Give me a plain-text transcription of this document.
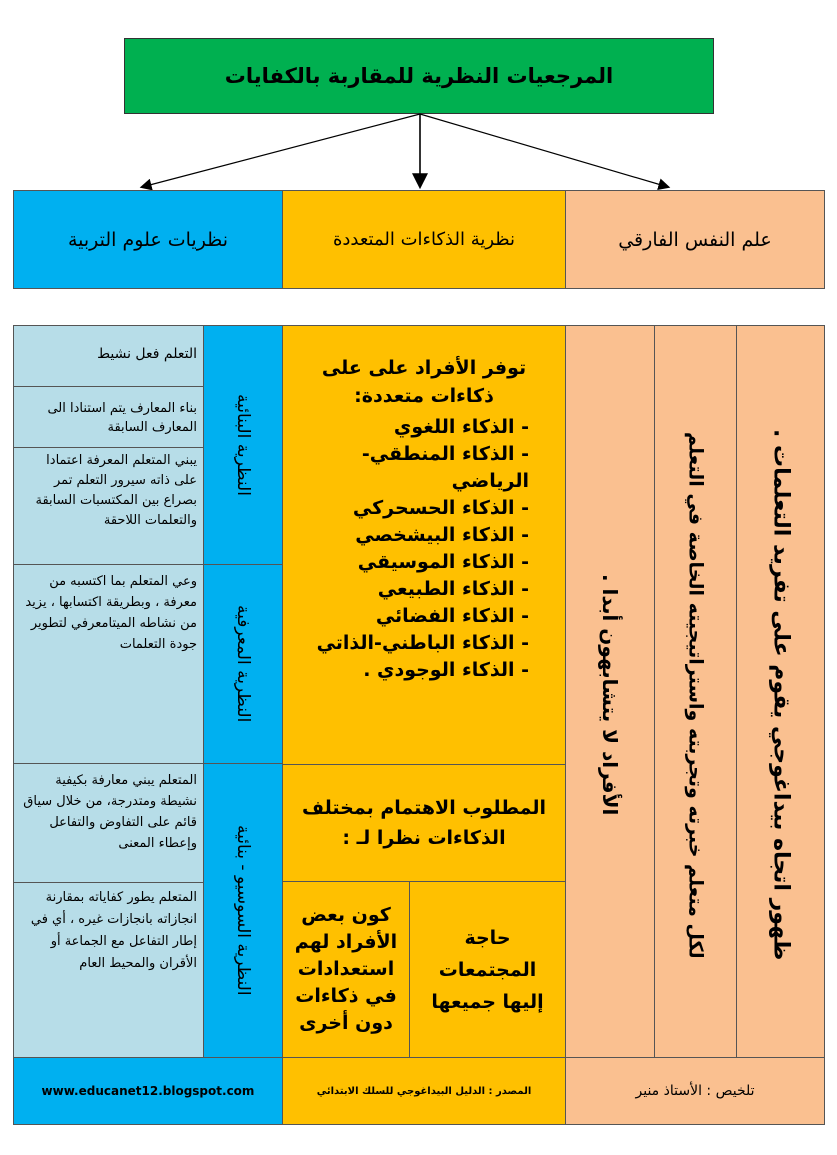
المرجعيات النظرية للمقاربة بالكفايات
علم النفس الفارقي
نظرية الذكاءات المتعددة
نظريات علوم التربية
ظهور اتجاه بيداغوجي يقوم على تفريد التعلمات .
لكل متعلم خبرته وتجربته واستراتيجيته الخاصة في التعلم
الأفراد لا يتشابهون أبدا .
توفر الأفراد على على ذكاءات متعددة:
- الذكاء اللغوي
- الذكاء المنطقي-الرياضي
- الذكاء الحسحركي
- الذكاء البيشخصي
- الذكاء الموسيقي
- الذكاء الطبيعي
- الذكاء الفضائي
- الذكاء الباطني-الذاتي
- الذكاء الوجودي .
المطلوب الاهتمام بمختلف الذكاءات نظرا لـ :
حاجة المجتمعات إليها جميعها
كون بعض الأفراد لهم استعدادات في ذكاءات دون أخرى
النظرية البنائية
النظرية المعرفية
النظرية السوسيو - بنائية
التعلم فعل نشيط
بناء المعارف يتم استنادا الى المعارف السابقة
يبني المتعلم المعرفة اعتمادا على ذاته سيرور التعلم تمر بصراع بين المكتسبات السابقة والتعلمات اللاحقة
وعي المتعلم بما اكتسبه من معرفة ، وبطريقة اكتسابها ، يزيد من نشاطه الميتامعرفي لتطوير جودة التعلمات
المتعلم يبني معارفة بكيفية نشيطة ومتدرجة، من خلال سياق قائم على التفاوض والتفاعل وإعطاء المعنى
المتعلم يطور كفاياته بمقارنة انجازاته بانجازات غيره ، أي في إطار التفاعل مع الجماعة أو الأقران والمحيط العام
تلخيص : الأستاذ منير
المصدر : الدليل البيداغوجي للسلك الابتدائي
www.educanet12.blogspot.com
